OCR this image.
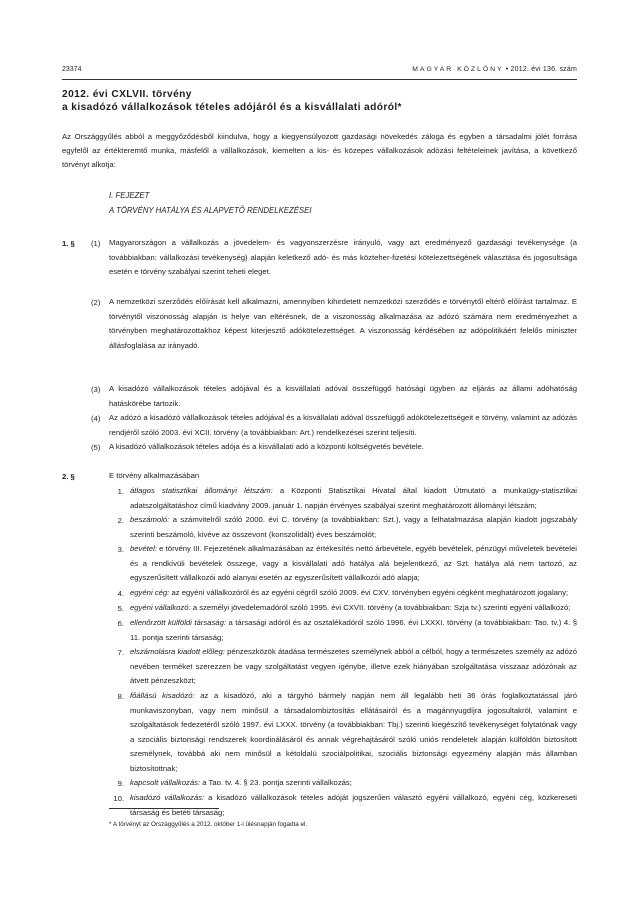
23374	MAGYAR KÖZLÖNY • 2012. évi 136. szám
2012. évi CXLVII. törvény
a kisadózó vállalkozások tételes adójáról és a kisvállalati adóról*
Az Országgyűlés abból a meggyőződésből kiindulva, hogy a kiegyensúlyozott gazdasági növekedés záloga és egyben a társadalmi jólét forrása egyfelől az értékteremtő munka, másfelől a vállalkozások, kiemelten a kis- és közepes vállalkozások adózási feltételeinek javítása, a következő törvényt alkotja:
I. FEJEZET
A TÖRVÉNY HATÁLYA ÉS ALAPVETŐ RENDELKEZÉSEI
1. § (1) Magyarországon a vállalkozás a jövedelem- és vagyonszerzésre irányuló, vagy azt eredményező gazdasági tevékenysége (a továbbiakban: vállalkozási tevékenység) alapján keletkező adó- és más közteher-fizetési kötelezettségének választása és jogosultsága esetén e törvény szabályai szerint teheti eleget.
(2) A nemzetközi szerződés előírását kell alkalmazni, amennyiben kihirdetett nemzetközi szerződés e törvénytől eltérő előírást tartalmaz. E törvénytől viszonosság alapján is helye van eltérésnek, de a viszonosság alkalmazása az adózó számára nem eredményezhet a törvényben meghatározottakhoz képest kiterjesztő adókötelezettséget. A viszonosság kérdésében az adópolitikáért felelős miniszter állásfoglalása az irányadó.
(3) A kisadózó vállalkozások tételes adójával és a kisvállalati adóval összefüggő hatósági ügyben az eljárás az állami adóhatóság hatáskörébe tartozik.
(4) Az adózó a kisadózó vállalkozások tételes adójával és a kisvállalati adóval összefüggő adókötelezettségeit e törvény, valamint az adózás rendjéről szóló 2003. évi XCII. törvény (a továbbiakban: Art.) rendelkezései szerint teljesíti.
(5) A kisadózó vállalkozások tételes adója és a kisvállalati adó a központi költségvetés bevétele.
2. §	E törvény alkalmazásában
1. átlagos statisztikai állományi létszám: a Központi Statisztikai Hivatal által kiadott Útmutató a munkaügy-statisztikai adatszolgáltatáshoz című kiadvány 2009. január 1. napján érvényes szabályai szerint meghatározott állományi létszám;
2. beszámoló: a számvitelről szóló 2000. évi C. törvény (a továbbiakban: Szt.), vagy a felhatalmazása alapján kiadott jogszabály szerinti beszámoló, kivéve az összevont (konszolidált) éves beszámolót;
3. bevétel: e törvény III. Fejezetének alkalmazásában az értékesítés nettó árbevétele, egyéb bevételek, pénzügyi műveletek bevételei és a rendkívüli bevételek összege, vagy a kisvállalati adó hatálya alá bejelentkező, az Szt. hatálya alá nem tartozó, az egyszerűsített vállalkozói adó alanyai esetén az egyszerűsített vállalkozói adó alapja;
4. egyéni cég: az egyéni vállalkozóról és az egyéni cégről szóló 2009. évi CXV. törvényben egyéni cégként meghatározott jogalany;
5. egyéni vállalkozó: a személyi jövedelemadóról szóló 1995. évi CXVII. törvény (a továbbiakban: Szja tv.) szerinti egyéni vállalkozó;
6. ellenőrzött külföldi társaság: a társasági adóról és az osztalékadóról szóló 1996. évi LXXXI. törvény (a továbbiakban: Tao. tv.) 4. § 11. pontja szerinti társaság;
7. elszámolásra kiadott előleg: pénzeszközök átadása természetes személynek abból a célból, hogy a természetes személy az adózó nevében terméket szerezzen be vagy szolgáltatást vegyen igénybe, illetve ezek hiányában szolgáltatása visszaaz adózónak az átvett pénzeszközt;
8. főállású kisadózó: az a kisadózó, aki a tárgyhó bármely napján nem áll legalább heti 36 órás foglalkoztatással járó munkaviszonyban, vagy nem minősül a társadalombiztosítás ellátásairól és a magánnyugdíjra jogosultakról, valamint e szolgáltatások fedezetéről szóló 1997. évi LXXX. törvény (a továbbiakban: Tbj.) szerinti kiegészítő tevékenységet folytatónak vagy a szociális biztonsági rendszerek koordinálásáról és annak végrehajtásáról szóló uniós rendeletek alapján külföldön biztosított személynek, továbbá aki nem minősül a kétoldalú szociálpolitikai, szociális biztonsági egyezmény alapján más államban biztosítottnak;
9. kapcsolt vállalkozás: a Tao. tv. 4. § 23. pontja szerinti vállalkozás;
10. kisadózó vállalkozás: a kisadózó vállalkozások tételes adóját jogszerűen választó egyéni vállalkozó, egyéni cég, közkereseti társaság és betéti társaság;
* A törvényt az Országgyűlés a 2012. október 1-i ülésnapján fogadta el.
